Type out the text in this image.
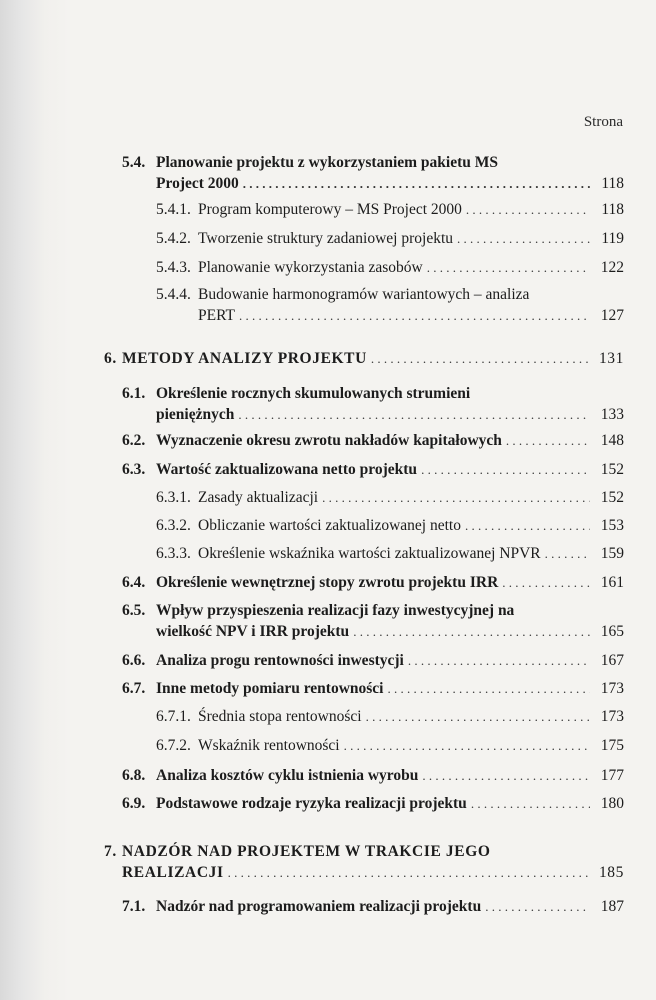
Strona
5.4. Planowanie projektu z wykorzystaniem pakietu MS
Project 2000 . . .	118
5.4.1. Program komputerowy – MS Project 2000 . . .	118
5.4.2. Tworzenie struktury zadaniowej projektu . . .	119
5.4.3. Planowanie wykorzystania zasobów . . .	122
5.4.4. Budowanie harmonogramów wariantowych – analiza
PERT . . .	127
6. METODY ANALIZY PROJEKTU . . .	131
6.1. Określenie rocznych skumulowanych strumieni
pieniężnych . . .	133
6.2. Wyznaczenie okresu zwrotu nakładów kapitałowych . . .	148
6.3. Wartość zaktualizowana netto projektu . . .	152
6.3.1. Zasady aktualizacji . . .	152
6.3.2. Obliczanie wartości zaktualizowanej netto . . .	153
6.3.3. Określenie wskaźnika wartości zaktualizowanej NPVR . . .	159
6.4. Określenie wewnętrznej stopy zwrotu projektu IRR . . .	161
6.5. Wpływ przyspieszenia realizacji fazy inwestycyjnej na
wielkość NPV i IRR projektu . . .	165
6.6. Analiza progu rentowności inwestycji . . .	167
6.7. Inne metody pomiaru rentowności . . .	173
6.7.1. Średnia stopa rentowności . . .	173
6.7.2. Wskaźnik rentowności . . .	175
6.8. Analiza kosztów cyklu istnienia wyrobu . . .	177
6.9. Podstawowe rodzaje ryzyka realizacji projektu . . .	180
7. NADZÓR NAD PROJEKTEM W TRAKCIE JEGO
REALIZACJI . . .	185
7.1. Nadzór nad programowaniem realizacji projektu . . .	187
